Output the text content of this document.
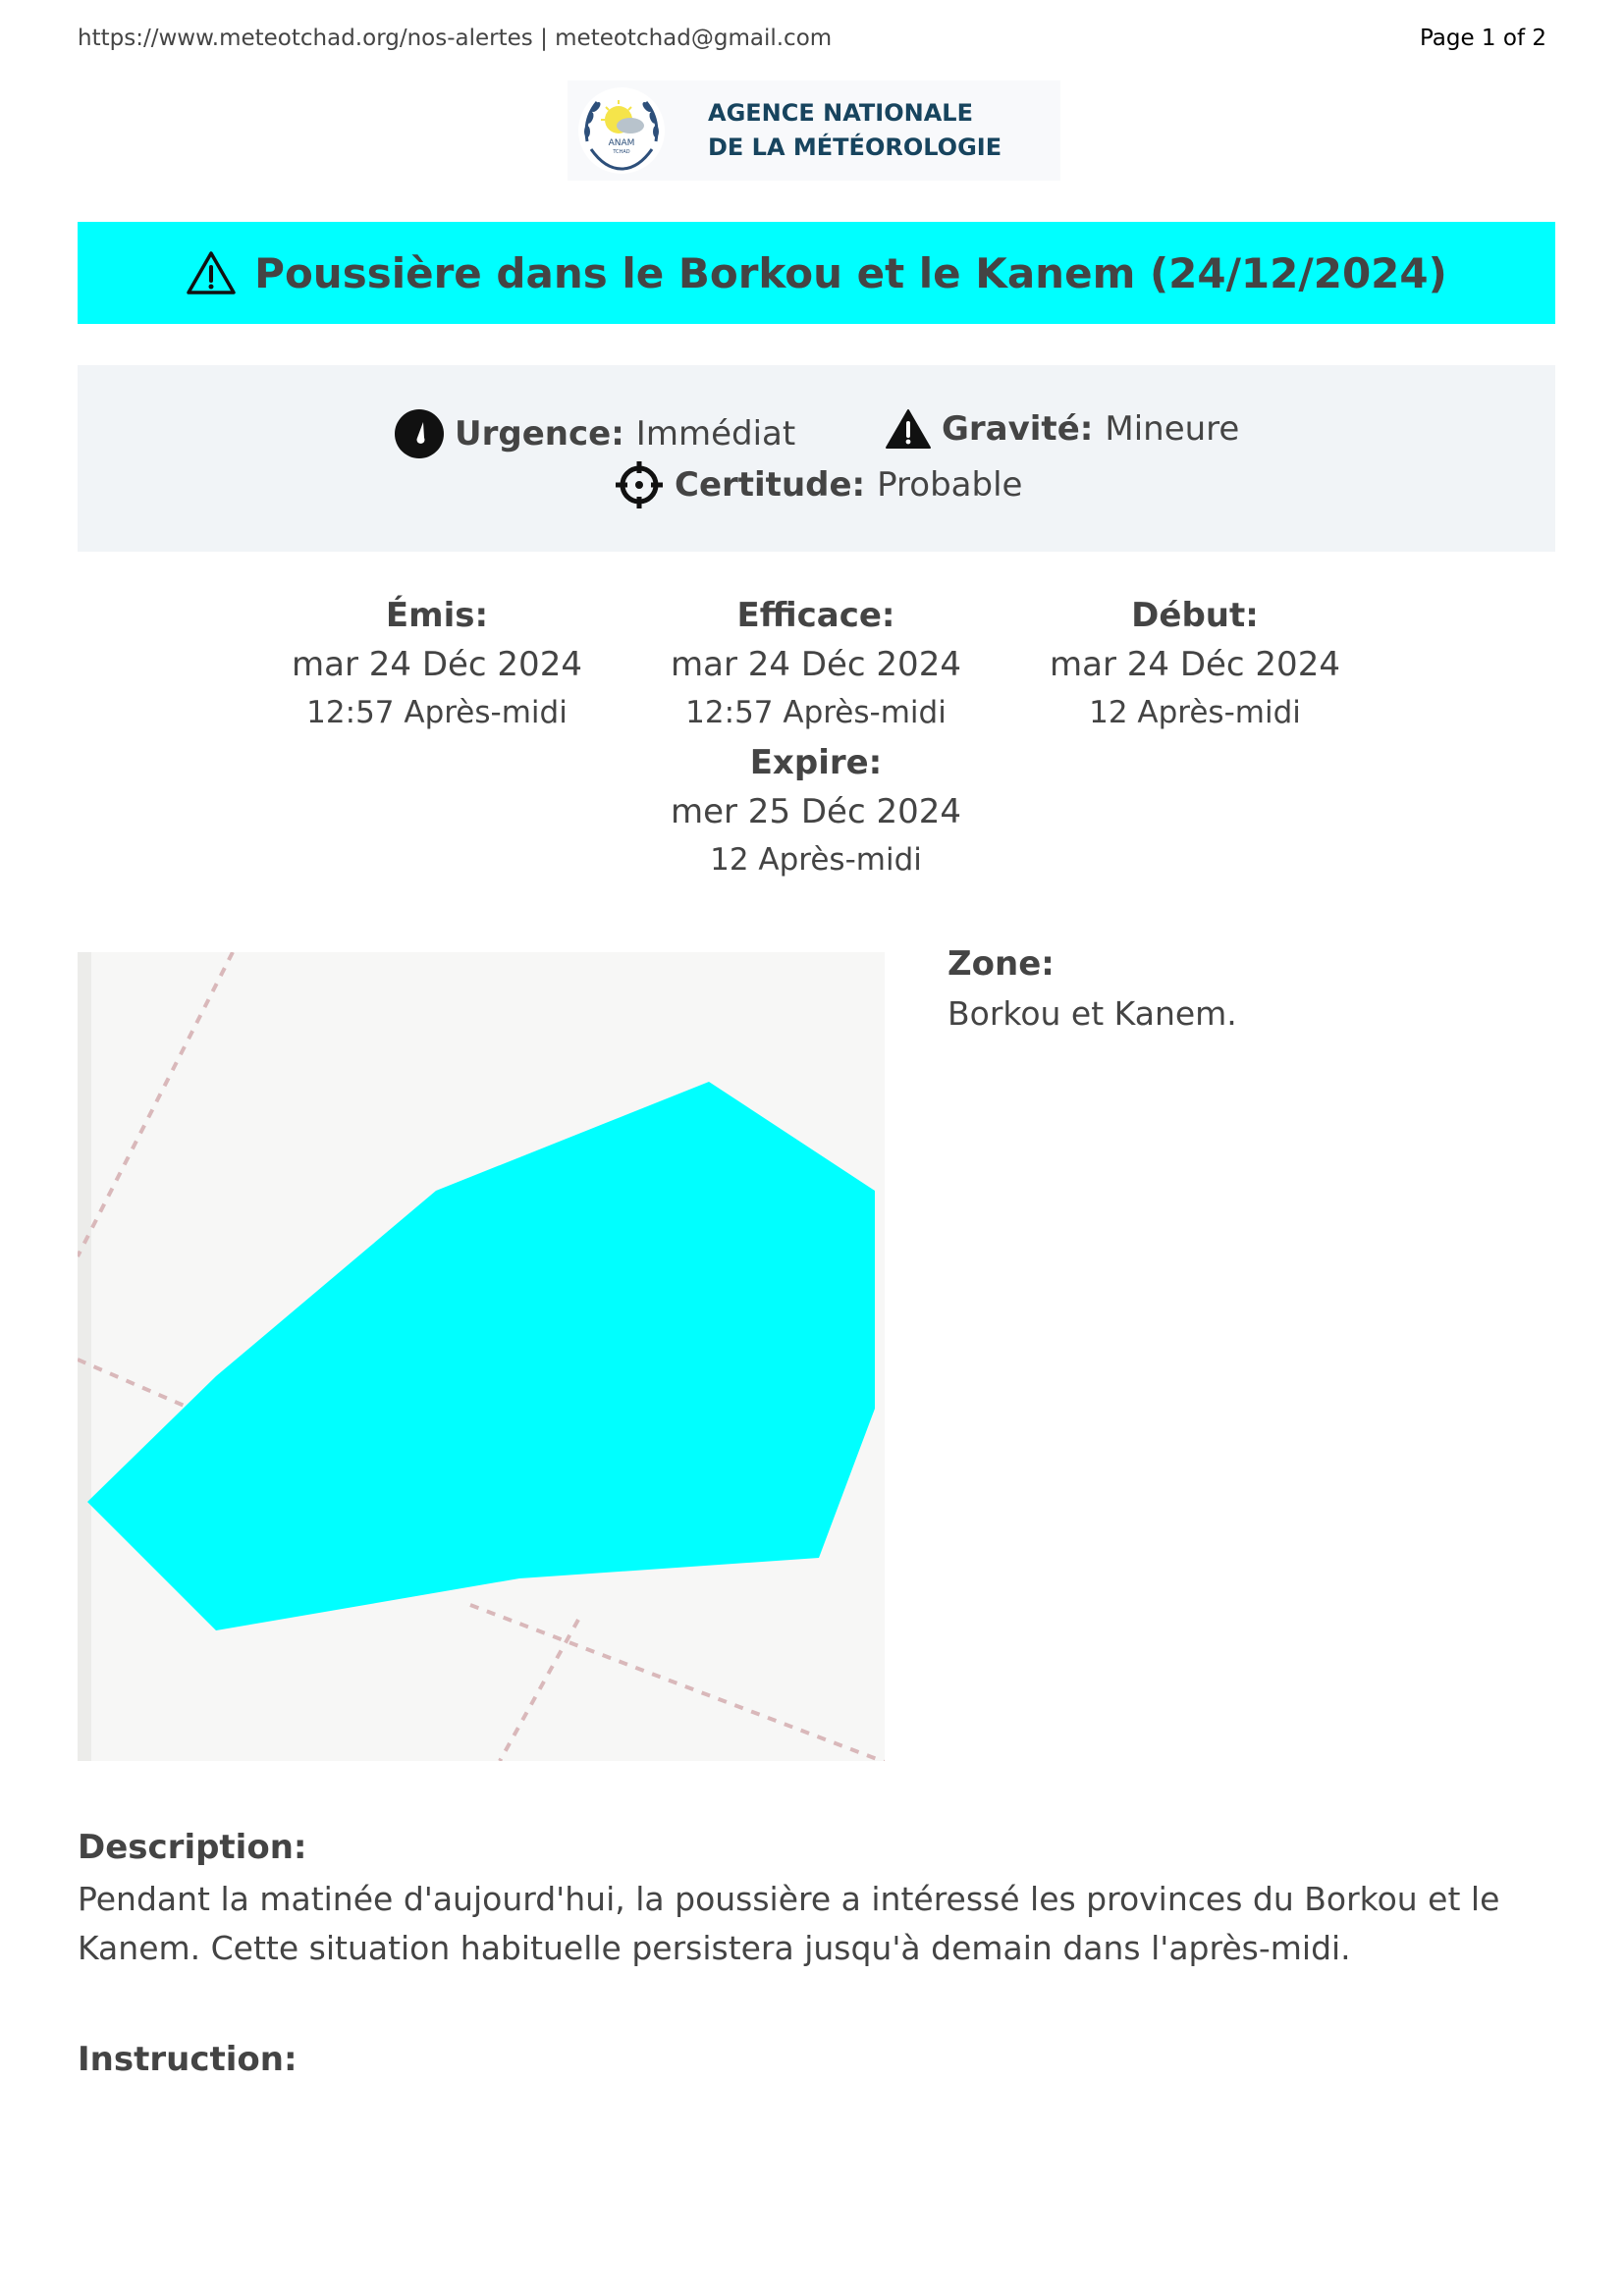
https://www.meteotchad.org/nos-alertes | meteotchad@gmail.com	Page 1 of 2
ANAM
TCHAD
AGENCE NATIONALE
DE LA MÉTÉOROLOGIE
Poussière dans le Borkou et le Kanem (24/12/2024)
Urgence: Immédiat	Gravité: Mineure
Certitude: Probable
Émis:
mar 24 Déc 2024
12:57 Après-midi
Efficace:
mar 24 Déc 2024
12:57 Après-midi
Début:
mar 24 Déc 2024
12 Après-midi
Expire:
mer 25 Déc 2024
12 Après-midi
Zone:
Borkou et Kanem.
Description:
Pendant la matinée d'aujourd'hui, la poussière a intéressé les provinces du Borkou et le Kanem. Cette situation habituelle persistera jusqu'à demain dans l'après-midi.
Instruction:
